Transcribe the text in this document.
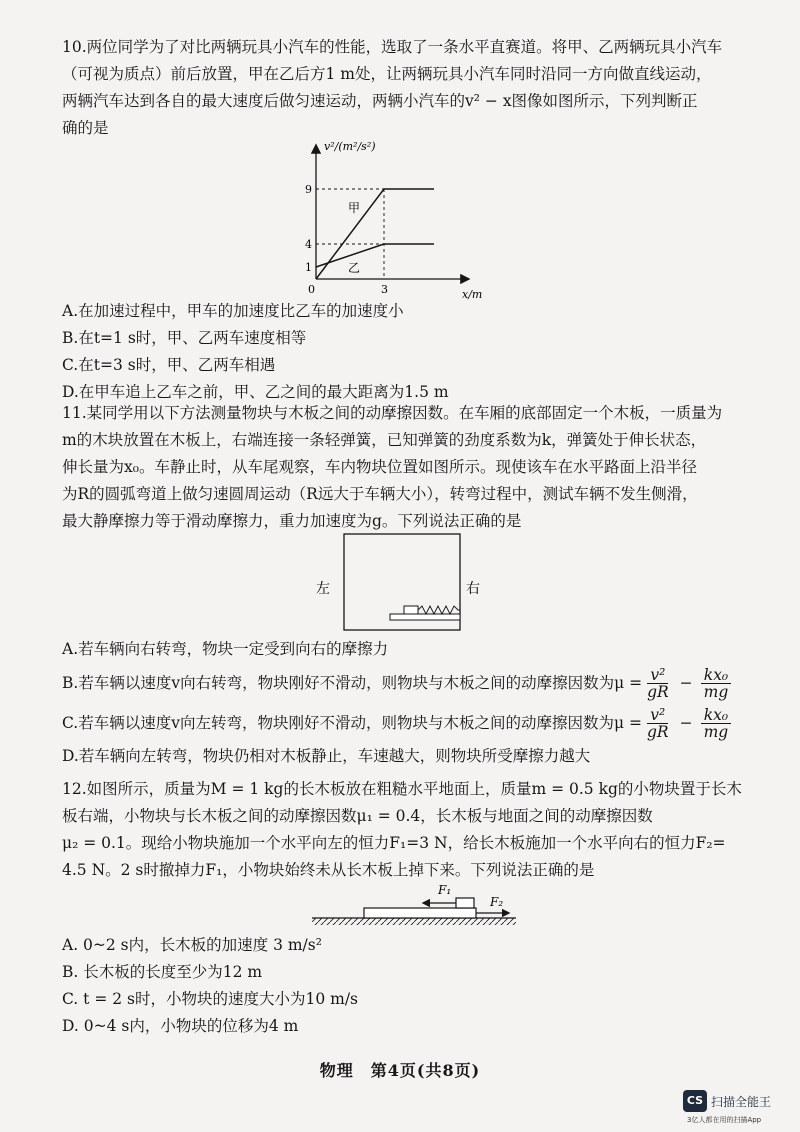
10.两位同学为了对比两辆玩具小汽车的性能，选取了一条水平直赛道。将甲、乙两辆玩具小汽车

（可视为质点）前后放置，甲在乙后方1 m处，让两辆玩具小汽车同时沿同一方向做直线运动，

两辆汽车达到各自的最大速度后做匀速运动，两辆小汽车的v² − x图像如图所示，下列判断正

确的是

v²/(m²/s²)
x/m
0
9
4
1
3
甲
乙
A.在加速过程中，甲车的加速度比乙车的加速度小
B.在t=1 s时，甲、乙两车速度相等
C.在t=3 s时，甲、乙两车相遇
D.在甲车追上乙车之前，甲、乙之间的最大距离为1.5 m

11.某同学用以下方法测量物块与木板之间的动摩擦因数。在车厢的底部固定一个木板，一质量为

m的木块放置在木板上，右端连接一条轻弹簧，已知弹簧的劲度系数为k，弹簧处于伸长状态，

伸长量为x₀。车静止时，从车尾观察，车内物块位置如图所示。现使该车在水平路面上沿半径

为R的圆弧弯道上做匀速圆周运动（R远大于车辆大小），转弯过程中，测试车辆不发生侧滑，

最大静摩擦力等于滑动摩擦力，重力加速度为g。下列说法正确的是

左	右
A.若车辆向右转弯，物块一定受到向右的摩擦力
B.若车辆以速度v向右转弯，物块刚好不滑动，则物块与木板之间的动摩擦因数为$\mu = \frac{\text{v²}}{gR} - \frac{\text{kx₀}}{mg}$
C.若车辆以速度v向左转弯，物块刚好不滑动，则物块与木板之间的动摩擦因数为$\mu = \frac{\text{v²}}{gR} - \frac{\text{kx₀}}{mg}$
D.若车辆向左转弯，物块仍相对木板静止，车速越大，则物块所受摩擦力越大

12.如图所示，质量为M = 1 kg的长木板放在粗糙水平地面上，质量m = 0.5 kg的小物块置于长木

板右端，小物块与长木板之间的动摩擦因数μ₁ = 0.4，长木板与地面之间的动摩擦因数

μ₂ = 0.1。现给小物块施加一个水平向左的恒力F₁=3 N，给长木板施加一个水平向右的恒力F₂=

4.5 N。2 s时撤掉力F₁，小物块始终未从长木板上掉下来。下列说法正确的是

F₁
F₂
A. 0~2 s内，长木板的加速度 3 m/s²
B. 长木板的长度至少为12 m
C. t = 2 s时，小物块的速度大小为10 m/s
D. 0~4 s内，小物块的位移为4 m
物理　第4页(共8页)
CS 扫描全能王
3亿人都在用的扫描App
